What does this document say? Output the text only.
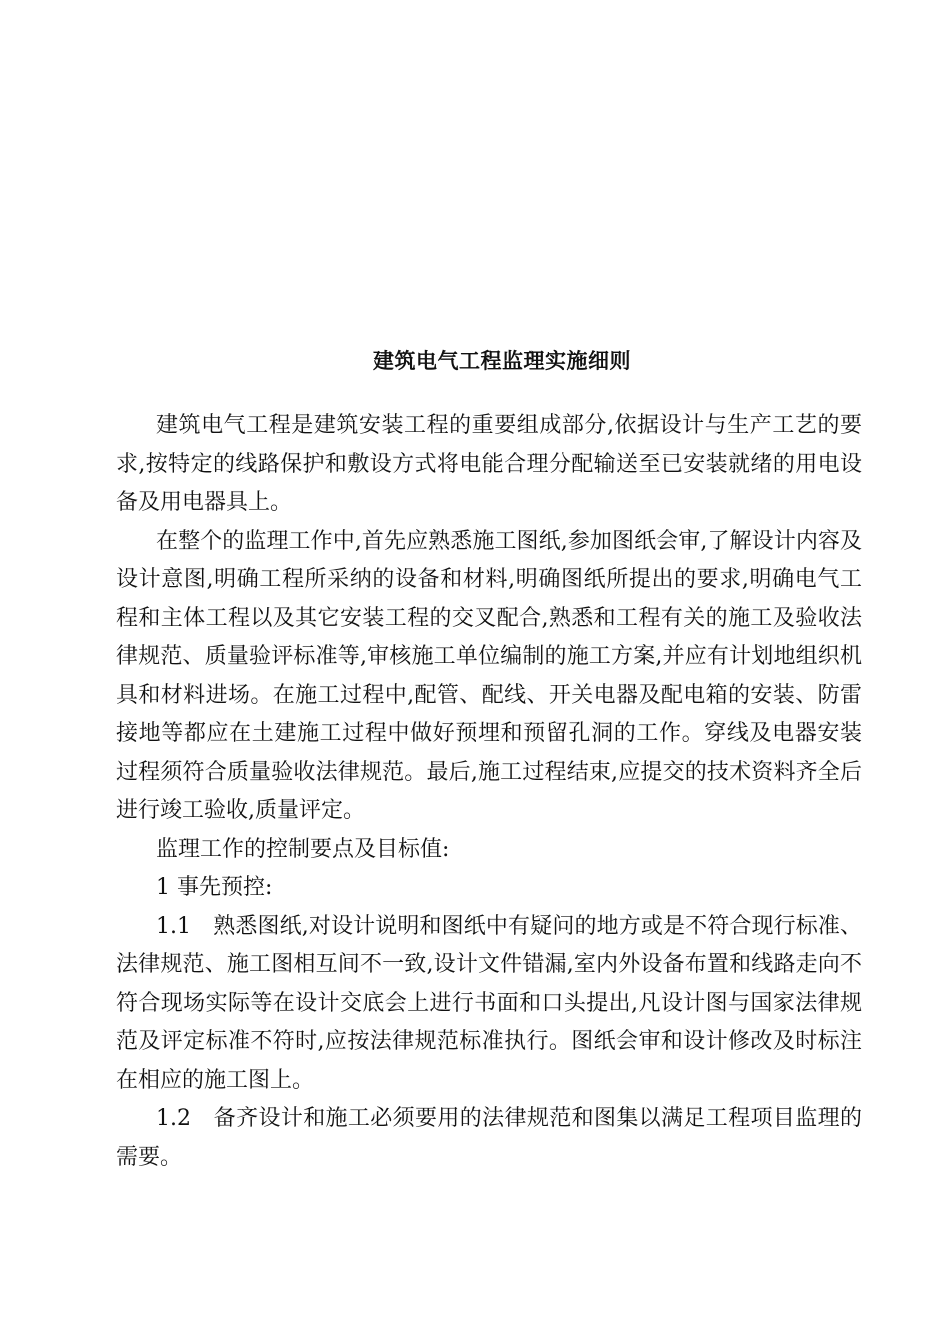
建筑电气工程监理实施细则

建筑电气工程是建筑安装工程的重要组成部分,依据设计与生产工艺的要求,按特定的线路保护和敷设方式将电能合理分配输送至已安装就绪的用电设备及用电器具上。

在整个的监理工作中,首先应熟悉施工图纸,参加图纸会审,了解设计内容及设计意图,明确工程所采纳的设备和材料,明确图纸所提出的要求,明确电气工程和主体工程以及其它安装工程的交叉配合,熟悉和工程有关的施工及验收法律规范、质量验评标准等,审核施工单位编制的施工方案,并应有计划地组织机具和材料进场。在施工过程中,配管、配线、开关电器及配电箱的安装、防雷接地等都应在土建施工过程中做好预埋和预留孔洞的工作。穿线及电器安装过程须符合质量验收法律规范。最后,施工过程结束,应提交的技术资料齐全后进行竣工验收,质量评定。

监理工作的控制要点及目标值:

1 事先预控:

1.1　熟悉图纸,对设计说明和图纸中有疑问的地方或是不符合现行标准、法律规范、施工图相互间不一致,设计文件错漏,室内外设备布置和线路走向不符合现场实际等在设计交底会上进行书面和口头提出,凡设计图与国家法律规范及评定标准不符时,应按法律规范标准执行。图纸会审和设计修改及时标注在相应的施工图上。

1.2　备齐设计和施工必须要用的法律规范和图集以满足工程项目监理的需要。
